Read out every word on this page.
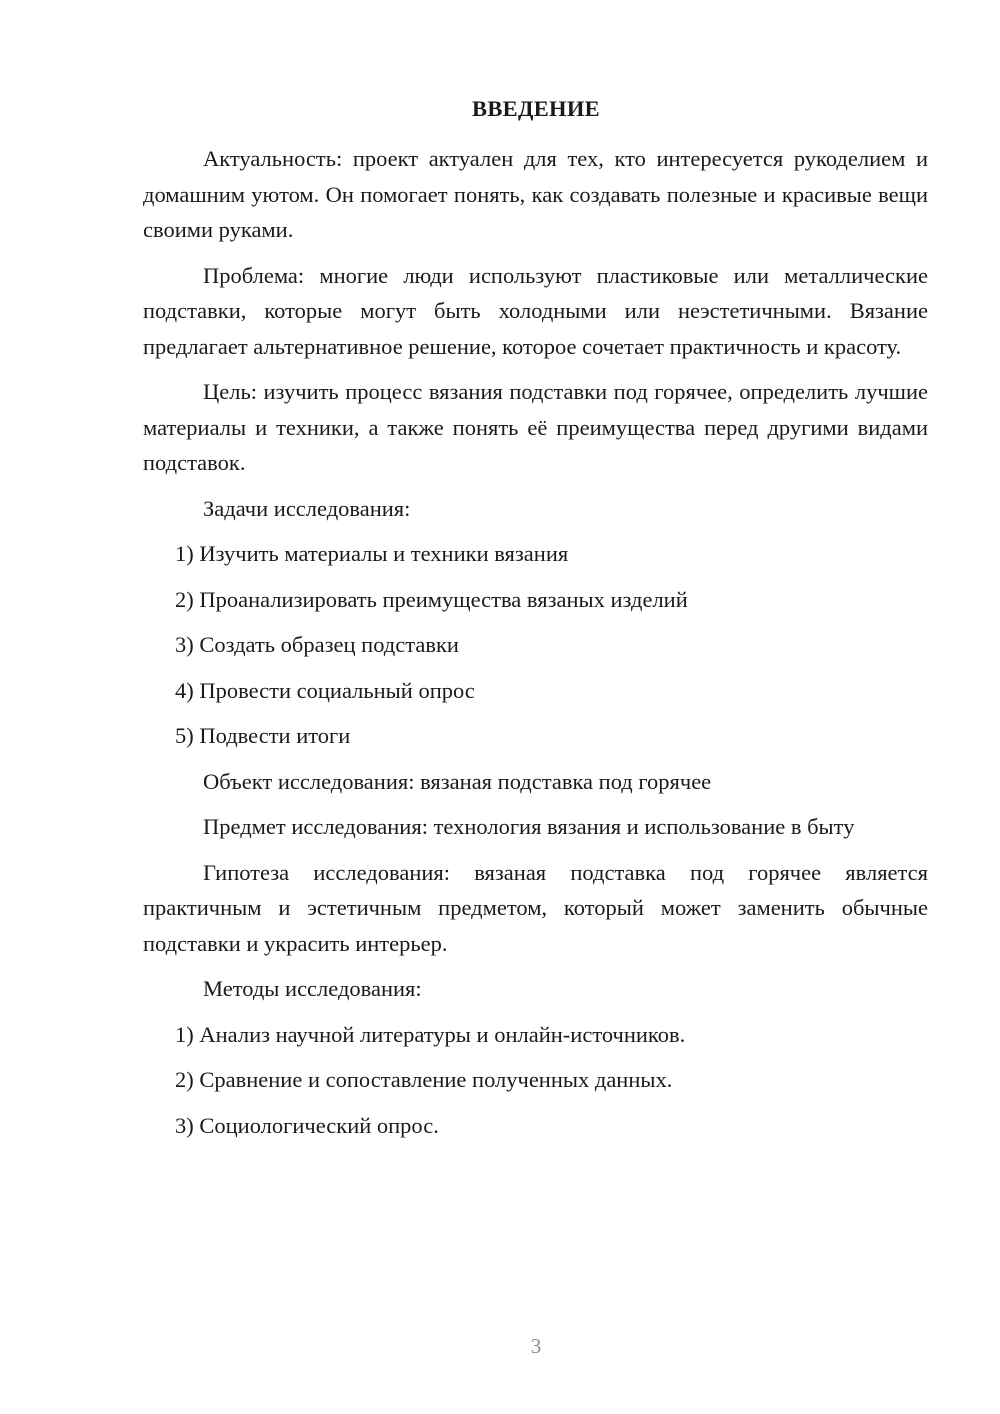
ВВЕДЕНИЕ

Актуальность: проект актуален для тех, кто интересуется рукоделием и домашним уютом. Он помогает понять, как создавать полезные и красивые вещи своими руками.

Проблема: многие люди используют пластиковые или металлические подставки, которые могут быть холодными или неэстетичными. Вязание предлагает альтернативное решение, которое сочетает практичность и красоту.

Цель: изучить процесс вязания подставки под горячее, определить лучшие материалы и техники, а также понять её преимущества перед другими видами подставок.

Задачи исследования:
1) Изучить материалы и техники вязания
2) Проанализировать преимущества вязаных изделий
3) Создать образец подставки
4) Провести социальный опрос
5) Подвести итоги
Объект исследования: вязаная подставка под горячее
Предмет исследования: технология вязания и использование в быту

Гипотеза исследования: вязаная подставка под горячее является практичным и эстетичным предметом, который может заменить обычные подставки и украсить интерьер.

Методы исследования:
1) Анализ научной литературы и онлайн-источников.
2) Сравнение и сопоставление полученных данных.
3) Социологический опрос.
3
